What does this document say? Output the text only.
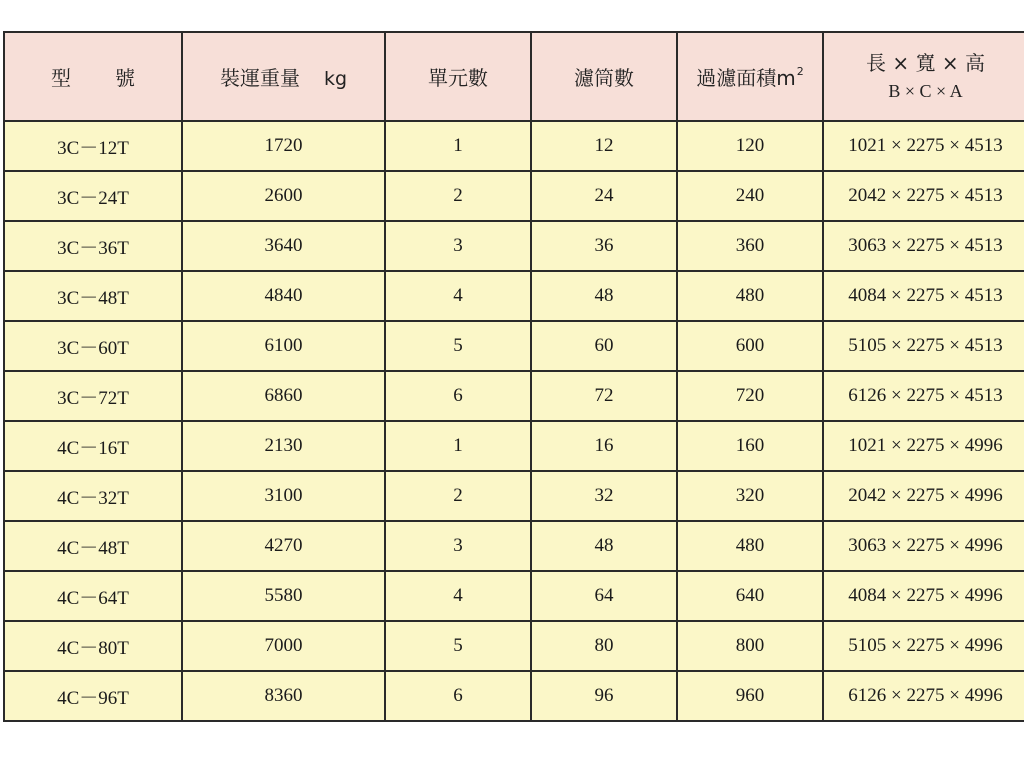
型 號	裝運重量 kg	單元數	濾筒數	過濾面積$m^2$	長 × 寬 × 高
B × C × A

3C－12T	1720	1	12	120	1021 × 2275 × 4513
3C－24T	2600	2	24	240	2042 × 2275 × 4513
3C－36T	3640	3	36	360	3063 × 2275 × 4513
3C－48T	4840	4	48	480	4084 × 2275 × 4513
3C－60T	6100	5	60	600	5105 × 2275 × 4513
3C－72T	6860	6	72	720	6126 × 2275 × 4513
4C－16T	2130	1	16	160	1021 × 2275 × 4996
4C－32T	3100	2	32	320	2042 × 2275 × 4996
4C－48T	4270	3	48	480	3063 × 2275 × 4996
4C－64T	5580	4	64	640	4084 × 2275 × 4996
4C－80T	7000	5	80	800	5105 × 2275 × 4996
4C－96T	8360	6	96	960	6126 × 2275 × 4996
